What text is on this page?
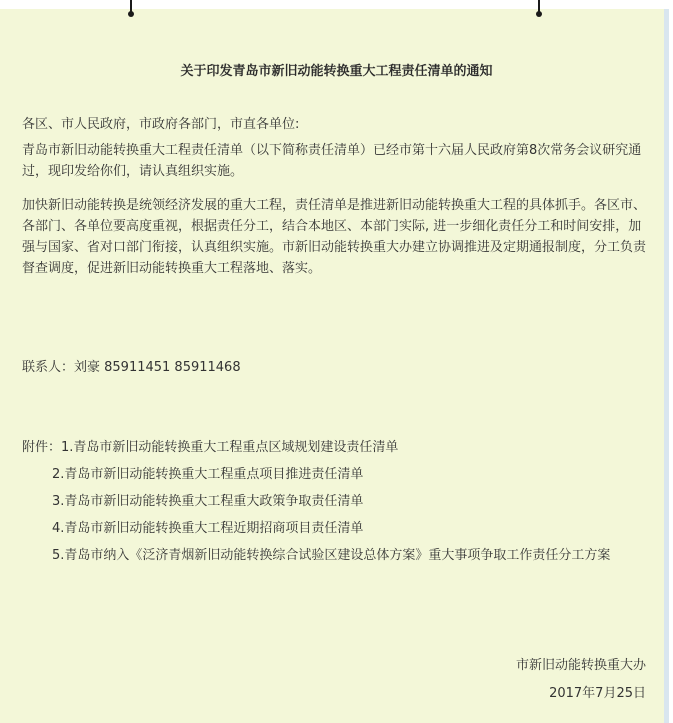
关于印发青岛市新旧动能转换重大工程责任清单的通知

各区、市人民政府，市政府各部门，市直各单位:

青岛市新旧动能转换重大工程责任清单（以下简称责任清单）已经市第十六届人民政府第8次常务会议研究通过，现印发给你们，请认真组织实施。

加快新旧动能转换是统领经济发展的重大工程，责任清单是推进新旧动能转换重大工程的具体抓手。各区市、各部门、各单位要高度重视，根据责任分工，结合本地区、本部门实际, 进一步细化责任分工和时间安排，加强与国家、省对口部门衔接，认真组织实施。市新旧动能转换重大办建立协调推进及定期通报制度，分工负责督查调度，促进新旧动能转换重大工程落地、落实。

联系人：刘豪 85911451 85911468

附件：1.青岛市新旧动能转换重大工程重点区域规划建设责任清单
2.青岛市新旧动能转换重大工程重点项目推进责任清单
3.青岛市新旧动能转换重大工程重大政策争取责任清单
4.青岛市新旧动能转换重大工程近期招商项目责任清单
5.青岛市纳入《泛济青烟新旧动能转换综合试验区建设总体方案》重大事项争取工作责任分工方案
市新旧动能转换重大办
2017年7月25日
